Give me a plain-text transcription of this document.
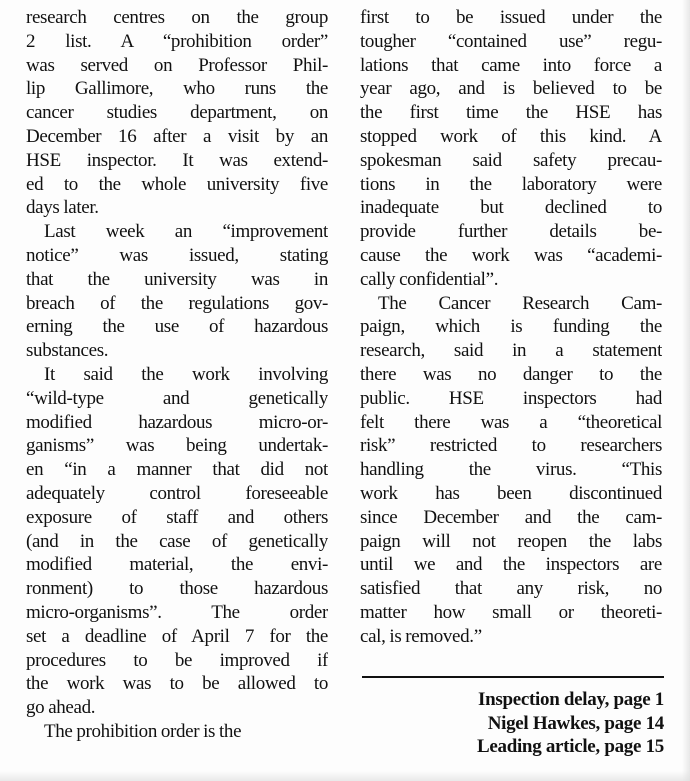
research centres on the group
2 list. A “prohibition order”
was served on Professor Phil-
lip Gallimore, who runs the
cancer studies department, on
December 16 after a visit by an
HSE inspector. It was extend-
ed to the whole university five
days later.
Last week an “improvement
notice” was issued, stating
that the university was in
breach of the regulations gov-
erning the use of hazardous
substances.
It said the work involving
“wild-type and genetically
modified hazardous micro-or-
ganisms” was being undertak-
en “in a manner that did not
adequately control foreseeable
exposure of staff and others
(and in the case of genetically
modified material, the envi-
ronment) to those hazardous
micro-organisms”. The order
set a deadline of April 7 for the
procedures to be improved if
the work was to be allowed to
go ahead.
The prohibition order is the
first to be issued under the
tougher “contained use” regu-
lations that came into force a
year ago, and is believed to be
the first time the HSE has
stopped work of this kind. A
spokesman said safety precau-
tions in the laboratory were
inadequate but declined to
provide further details be-
cause the work was “academi-
cally confidential”.
The Cancer Research Cam-
paign, which is funding the
research, said in a statement
there was no danger to the
public. HSE inspectors had
felt there was a “theoretical
risk” restricted to researchers
handling the virus. “This
work has been discontinued
since December and the cam-
paign will not reopen the labs
until we and the inspectors are
satisfied that any risk, no
matter how small or theoreti-
cal, is removed.”
Inspection delay, page 1
Nigel Hawkes, page 14
Leading article, page 15
